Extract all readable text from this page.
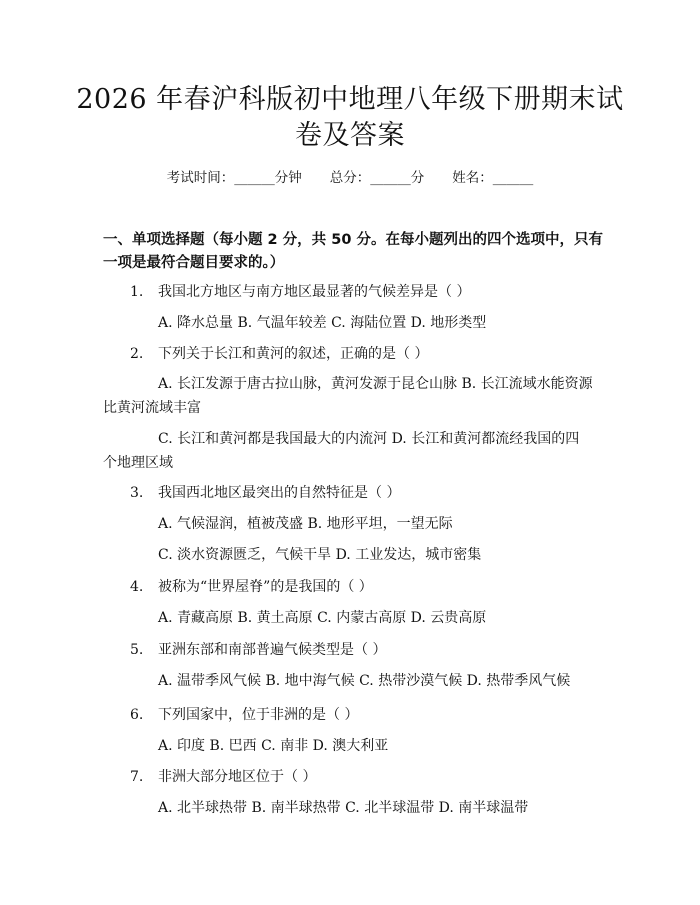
2026 年春沪科版初中地理八年级下册期末试
卷及答案
考试时间：______分钟 总分：______分 姓名：______
一、单项选择题（每小题 2 分，共 50 分。在每小题列出的四个选项中，只有一项是最符合题目要求的。）
1. 我国北方地区与南方地区最显著的气候差异是（ ）
A. 降水总量 B. 气温年较差 C. 海陆位置 D. 地形类型
2. 下列关于长江和黄河的叙述，正确的是（ ）
A. 长江发源于唐古拉山脉，黄河发源于昆仑山脉 B. 长江流域水能资源比黄河流域丰富
C. 长江和黄河都是我国最大的内流河 D. 长江和黄河都流经我国的四个地理区域
3. 我国西北地区最突出的自然特征是（ ）
A. 气候湿润，植被茂盛 B. 地形平坦，一望无际
C. 淡水资源匮乏，气候干旱 D. 工业发达，城市密集
4. 被称为“世界屋脊”的是我国的（ ）
A. 青藏高原 B. 黄土高原 C. 内蒙古高原 D. 云贵高原
5. 亚洲东部和南部普遍气候类型是（ ）
A. 温带季风气候 B. 地中海气候 C. 热带沙漠气候 D. 热带季风气候
6. 下列国家中，位于非洲的是（ ）
A. 印度 B. 巴西 C. 南非 D. 澳大利亚
7. 非洲大部分地区位于（ ）
A. 北半球热带 B. 南半球热带 C. 北半球温带 D. 南半球温带
